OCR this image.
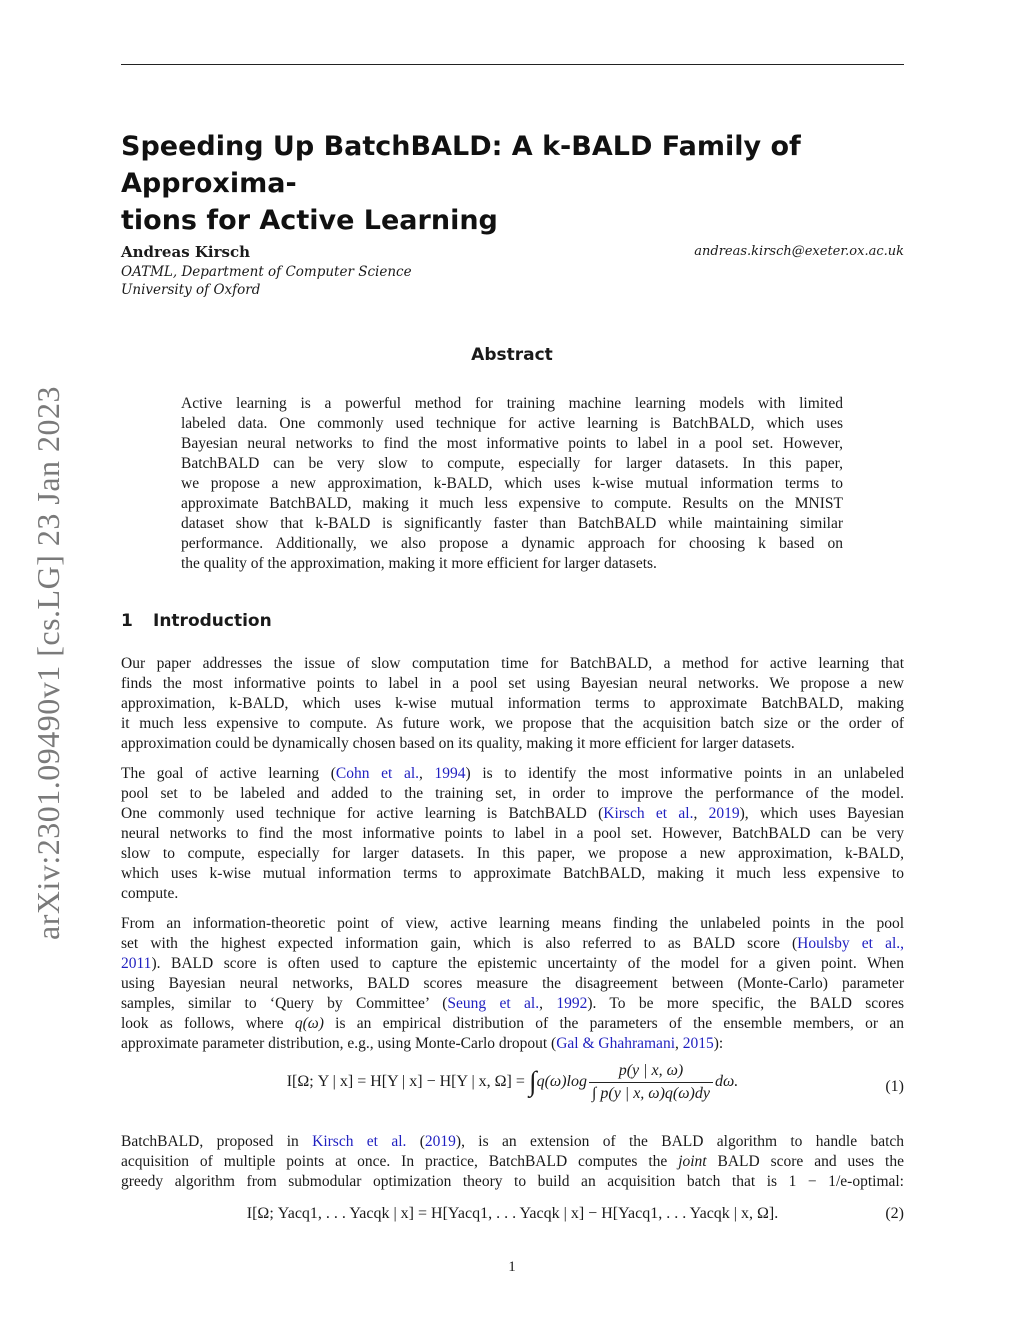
Speeding Up BatchBALD: A k-BALD Family of Approxima-
tions for Active Learning
Andreas Kirsch	andreas.kirsch@exeter.ox.ac.uk
OATML, Department of Computer Science
University of Oxford
arXiv:2301.09490v1 [cs.LG] 23 Jan 2023
Abstract
Active learning is a powerful method for training machine learning models with limited
labeled data. One commonly used technique for active learning is BatchBALD, which uses
Bayesian neural networks to find the most informative points to label in a pool set. However,
BatchBALD can be very slow to compute, especially for larger datasets. In this paper,
we propose a new approximation, k-BALD, which uses k-wise mutual information terms to
approximate BatchBALD, making it much less expensive to compute. Results on the MNIST
dataset show that k-BALD is significantly faster than BatchBALD while maintaining similar
performance. Additionally, we also propose a dynamic approach for choosing k based on
the quality of the approximation, making it more efficient for larger datasets.
1 Introduction
Our paper addresses the issue of slow computation time for BatchBALD, a method for active learning that
finds the most informative points to label in a pool set using Bayesian neural networks. We propose a new
approximation, k-BALD, which uses k-wise mutual information terms to approximate BatchBALD, making
it much less expensive to compute. As future work, we propose that the acquisition batch size or the order of
approximation could be dynamically chosen based on its quality, making it more efficient for larger datasets.
The goal of active learning (Cohn et al., 1994) is to identify the most informative points in an unlabeled
pool set to be labeled and added to the training set, in order to improve the performance of the model.
One commonly used technique for active learning is BatchBALD (Kirsch et al., 2019), which uses Bayesian
neural networks to find the most informative points to label in a pool set. However, BatchBALD can be very
slow to compute, especially for larger datasets. In this paper, we propose a new approximation, k-BALD,
which uses k-wise mutual information terms to approximate BatchBALD, making it much less expensive to
compute.
From an information-theoretic point of view, active learning means finding the unlabeled points in the pool
set with the highest expected information gain, which is also referred to as BALD score (Houlsby et al.,
2011). BALD score is often used to capture the epistemic uncertainty of the model for a given point. When
using Bayesian neural networks, BALD scores measure the disagreement between (Monte-Carlo) parameter
samples, similar to ‘Query by Committee’ (Seung et al., 1992). To be more specific, the BALD scores
look as follows, where q(ω) is an empirical distribution of the parameters of the ensemble members, or an
approximate parameter distribution, e.g., using Monte-Carlo dropout (Gal & Ghahramani, 2015):
I[Ω; Y | x] = H[Y | x] − H[Y | x, $\Omega] = \int q(\omega)\log \frac{p(y | x, \omega)}{\int p(y | x, \omega)q(\omega)dy} d\omega$.	(1)
BatchBALD, proposed in Kirsch et al. (2019), is an extension of the BALD algorithm to handle batch
acquisition of multiple points at once. In practice, BatchBALD computes the joint BALD score and uses the
greedy algorithm from submodular optimization theory to build an acquisition batch that is 1 − 1/e-optimal:
I[Ω; Yacq1, . . . Yacqk | x] = H[Yacq1, . . . Yacqk | x] − H[Yacq1, . . . Yacqk | x, Ω].	(2)
1
